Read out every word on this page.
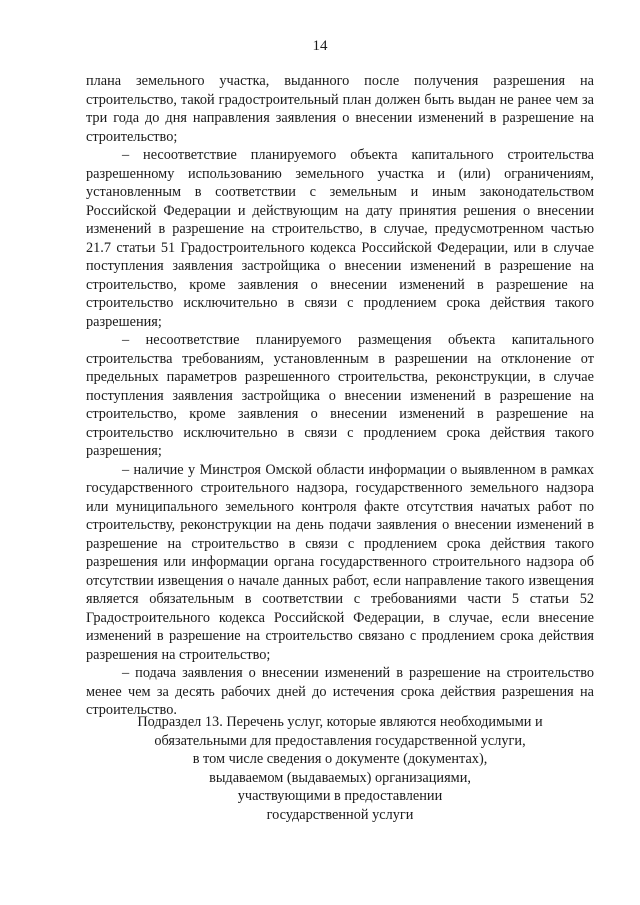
14

плана земельного участка, выданного после получения разрешения на строительство, такой градостроительный план должен быть выдан не ранее чем за три года до дня направления заявления о внесении изменений в разрешение на строительство;

– несоответствие планируемого объекта капитального строительства разрешенному использованию земельного участка и (или) ограничениям, установленным в соответствии с земельным и иным законодательством Российской Федерации и действующим на дату принятия решения о внесении изменений в разрешение на строительство, в случае, предусмотренном частью 21.7 статьи 51 Градостроительного кодекса Российской Федерации, или в случае поступления заявления застройщика о внесении изменений в разрешение на строительство, кроме заявления о внесении изменений в разрешение на строительство исключительно в связи с продлением срока действия такого разрешения;

– несоответствие планируемого размещения объекта капитального строительства требованиям, установленным в разрешении на отклонение от предельных параметров разрешенного строительства, реконструкции, в случае поступления заявления застройщика о внесении изменений в разрешение на строительство, кроме заявления о внесении изменений в разрешение на строительство исключительно в связи с продлением срока действия такого разрешения;

– наличие у Минстроя Омской области информации о выявленном в рамках государственного строительного надзора, государственного земельного надзора или муниципального земельного контроля факте отсутствия начатых работ по строительству, реконструкции на день подачи заявления о внесении изменений в разрешение на строительство в связи с продлением срока действия такого разрешения или информации органа государственного строительного надзора об отсутствии извещения о начале данных работ, если направление такого извещения является обязательным в соответствии с требованиями части 5 статьи 52 Градостроительного кодекса Российской Федерации, в случае, если внесение изменений в разрешение на строительство связано с продлением срока действия разрешения на строительство;

– подача заявления о внесении изменений в разрешение на строительство менее чем за десять рабочих дней до истечения срока действия разрешения на строительство.

Подраздел 13. Перечень услуг, которые являются необходимыми и
обязательными для предоставления государственной услуги,
в том числе сведения о документе (документах),
выдаваемом (выдаваемых) организациями,
участвующими в предоставлении
государственной услуги
